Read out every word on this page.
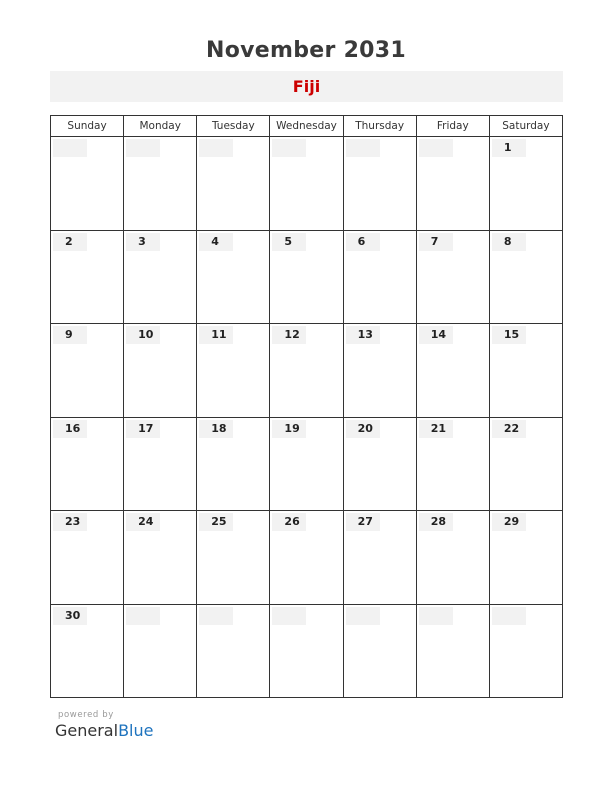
November 2031
Fiji
Sunday	Monday	Tuesday	Wednesday	Thursday	Friday	Saturday

						1

2	3	4	5	6	7	8

9	10	11	12	13	14	15

16	17	18	19	20	21	22

23	24	25	26	27	28	29

30						

powered by
GeneralBlue
